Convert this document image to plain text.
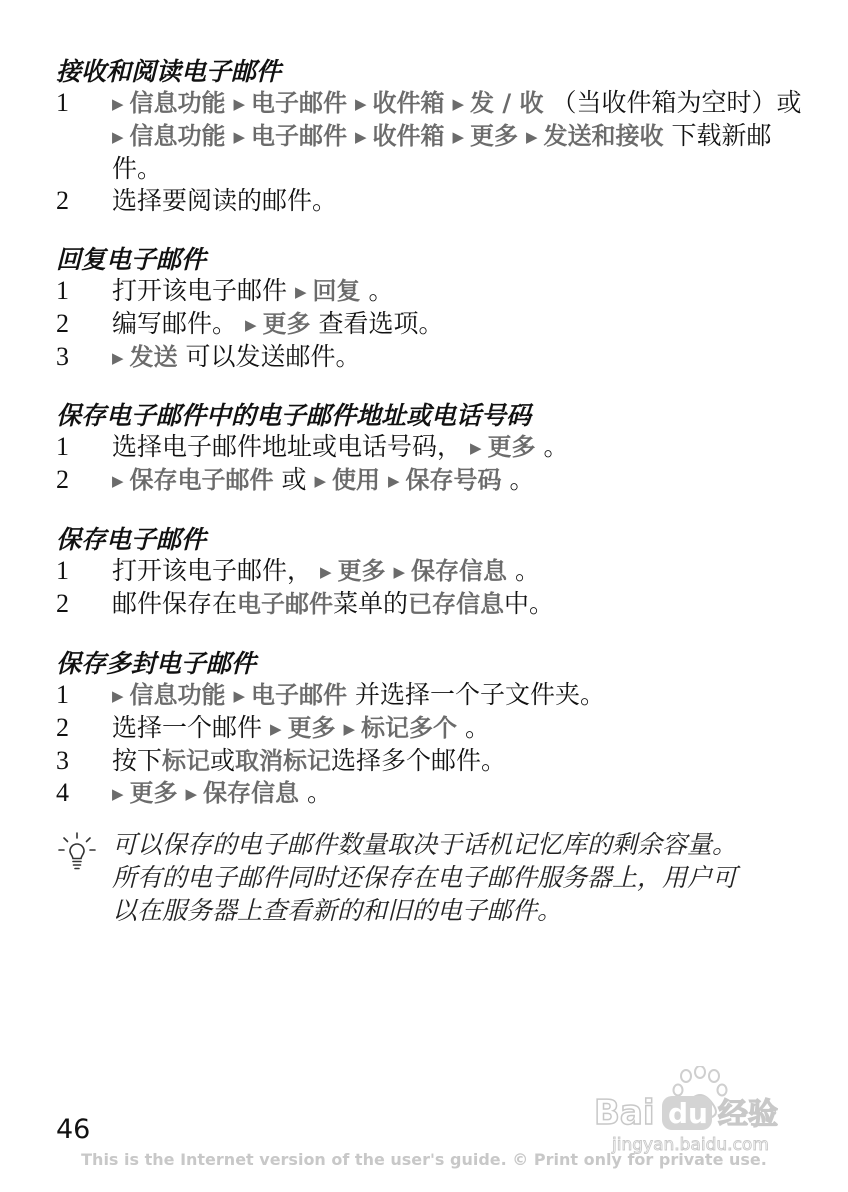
接收和阅读电子邮件
1	▶ 信息功能 ▶ 电子邮件 ▶ 收件箱 ▶ 发 / 收 （当收件箱为空时）或 ▶ 信息功能 ▶ 电子邮件 ▶ 收件箱 ▶ 更多 ▶ 发送和接收 下载新邮件。
2	选择要阅读的邮件。
回复电子邮件
1	打开该电子邮件 ▶ 回复 。
2	编写邮件。 ▶ 更多 查看选项。
3	▶ 发送 可以发送邮件。
保存电子邮件中的电子邮件地址或电话号码
1	选择电子邮件地址或电话号码， ▶ 更多 。
2	▶ 保存电子邮件 或 ▶ 使用 ▶ 保存号码 。
保存电子邮件
1	打开该电子邮件， ▶ 更多 ▶ 保存信息 。
2	邮件保存在电子邮件菜单的已存信息中。
保存多封电子邮件
1	▶ 信息功能 ▶ 电子邮件 并选择一个子文件夹。
2	选择一个邮件 ▶ 更多 ▶ 标记多个 。
3	按下标记或取消标记选择多个邮件。
4	▶ 更多 ▶ 保存信息 。
可以保存的电子邮件数量取决于话机记忆库的剩余容量。所有的电子邮件同时还保存在电子邮件服务器上，用户可以在服务器上查看新的和旧的电子邮件。
46	Bai du 经验
jingyan.baidu.com
This is the Internet version of the user's guide. © Print only for private use.
